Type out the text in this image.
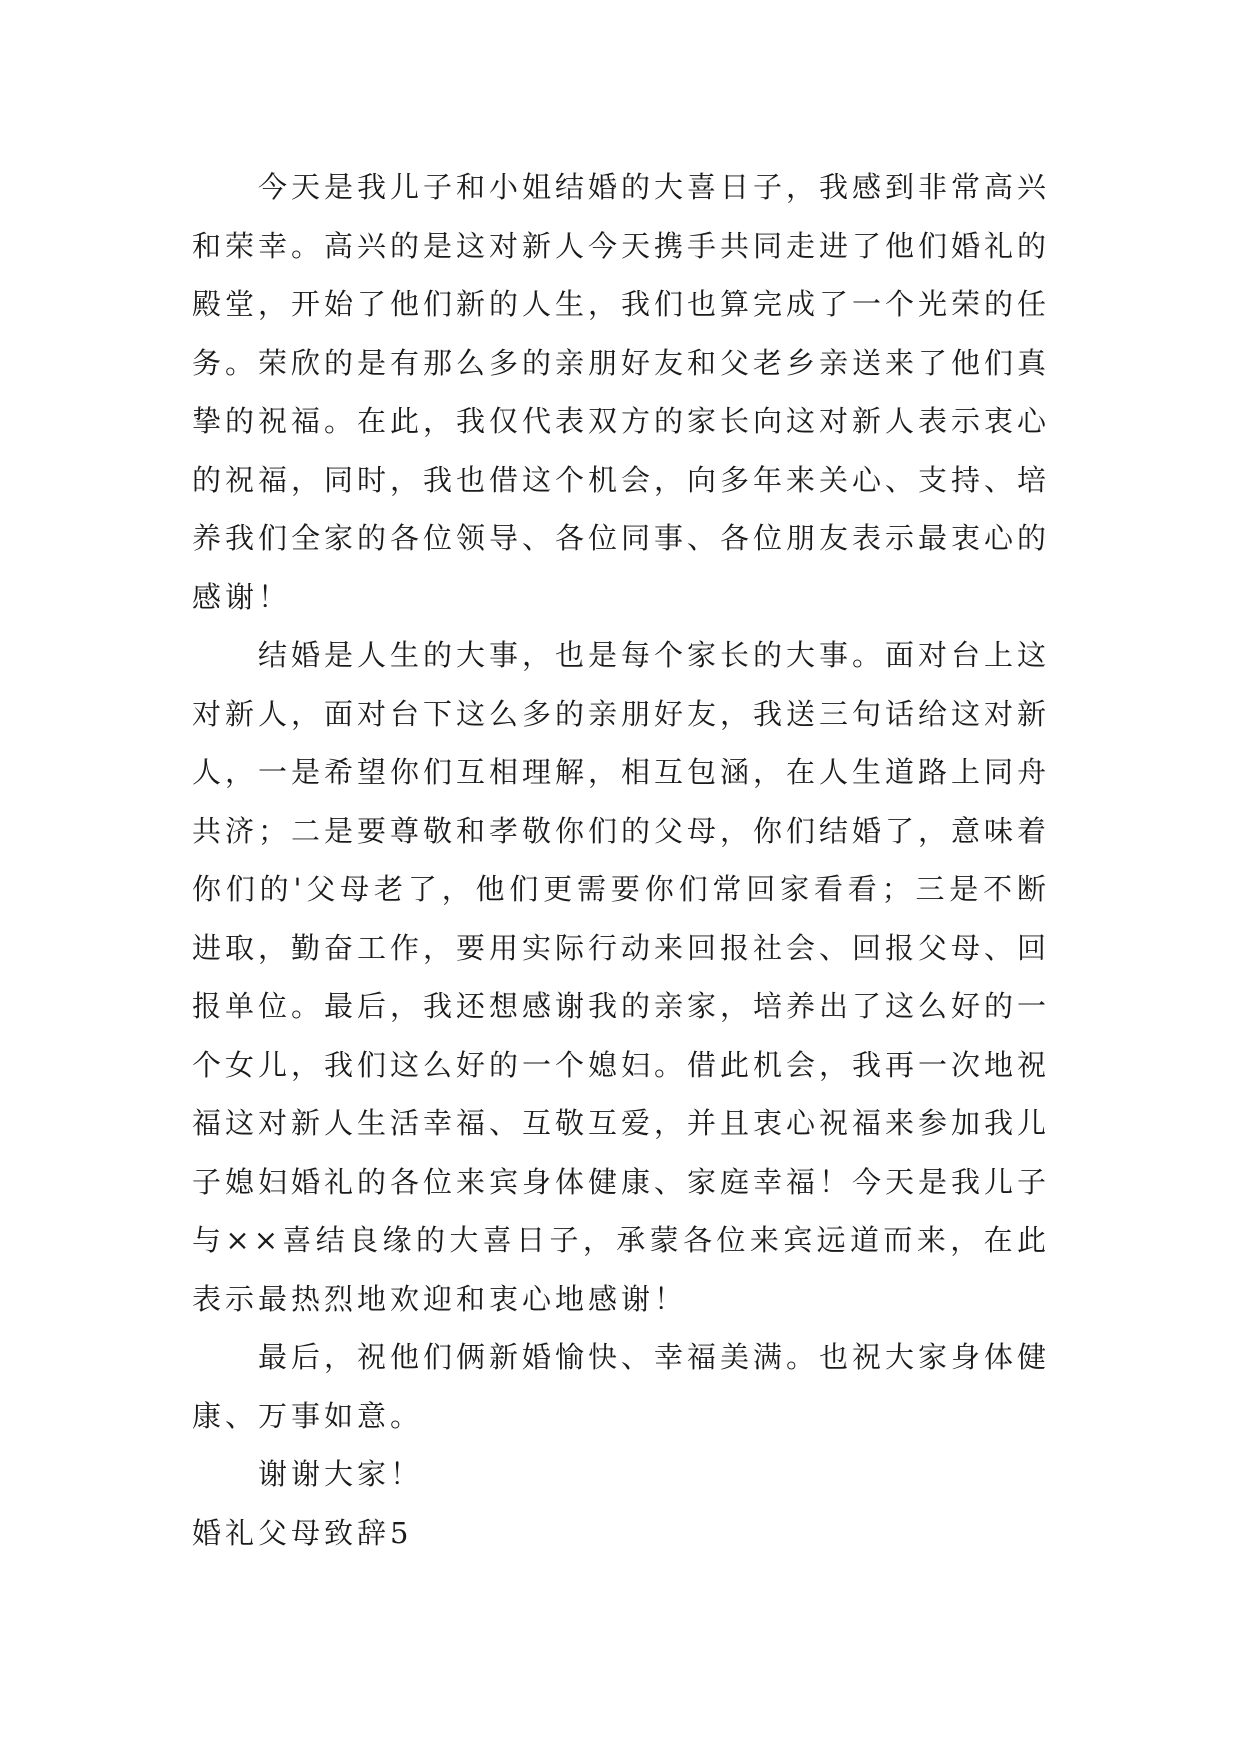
今天是我儿子和小姐结婚的大喜日子，我感到非常高兴和荣幸。高兴的是这对新人今天携手共同走进了他们婚礼的殿堂，开始了他们新的人生，我们也算完成了一个光荣的任务。荣欣的是有那么多的亲朋好友和父老乡亲送来了他们真挚的祝福。在此，我仅代表双方的家长向这对新人表示衷心的祝福，同时，我也借这个机会，向多年来关心、支持、培养我们全家的各位领导、各位同事、各位朋友表示最衷心的感谢！

结婚是人生的大事，也是每个家长的大事。面对台上这对新人，面对台下这么多的亲朋好友，我送三句话给这对新人，一是希望你们互相理解，相互包涵，在人生道路上同舟共济；二是要尊敬和孝敬你们的父母，你们结婚了，意味着你们的'父母老了，他们更需要你们常回家看看；三是不断进取，勤奋工作，要用实际行动来回报社会、回报父母、回报单位。最后，我还想感谢我的亲家，培养出了这么好的一个女儿，我们这么好的一个媳妇。借此机会，我再一次地祝福这对新人生活幸福、互敬互爱，并且衷心祝福来参加我儿子媳妇婚礼的各位来宾身体健康、家庭幸福！今天是我儿子与××喜结良缘的大喜日子，承蒙各位来宾远道而来，在此表示最热烈地欢迎和衷心地感谢！

最后，祝他们俩新婚愉快、幸福美满。也祝大家身体健康、万事如意。

谢谢大家！

婚礼父母致辞5
